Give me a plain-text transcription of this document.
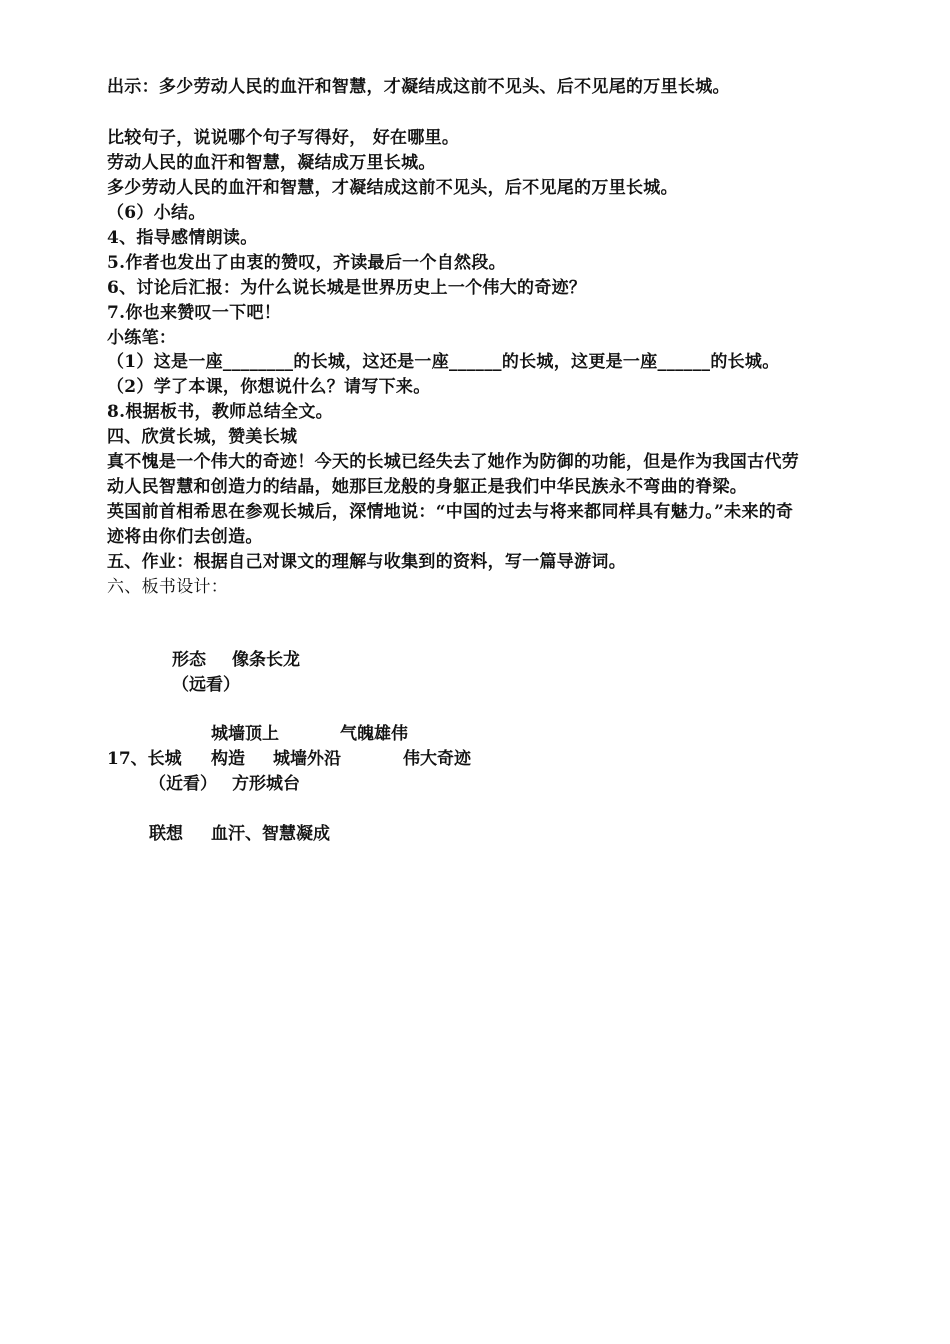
出示：多少劳动人民的血汗和智慧，才凝结成这前不见头、后不见尾的万里长城。
比较句子，说说哪个句子写得好， 好在哪里。
劳动人民的血汗和智慧，凝结成万里长城。
多少劳动人民的血汗和智慧，才凝结成这前不见头，后不见尾的万里长城。
（6）小结。
4、指导感情朗读。
5.作者也发出了由衷的赞叹，齐读最后一个自然段。
6、讨论后汇报：为什么说长城是世界历史上一个伟大的奇迹？
7.你也来赞叹一下吧！
小练笔：
（1）这是一座________的长城，这还是一座______的长城，这更是一座______的长城。
（2）学了本课，你想说什么？请写下来。
8.根据板书，教师总结全文。
四、欣赏长城，赞美长城
真不愧是一个伟大的奇迹！今天的长城已经失去了她作为防御的功能，但是作为我国古代劳
动人民智慧和创造力的结晶，她那巨龙般的身躯正是我们中华民族永不弯曲的脊梁。
英国前首相希思在参观长城后，深情地说：“中国的过去与将来都同样具有魅力。”未来的奇
迹将由你们去创造。
五、作业：根据自己对课文的理解与收集到的资料，写一篇导游词。
六、板书设计：
形态 像条长龙
（远看）
城墙顶上	气魄雄伟
17、长城 构造 城墙外沿	伟大奇迹
（近看） 方形城台
联想 血汗、智慧凝成
